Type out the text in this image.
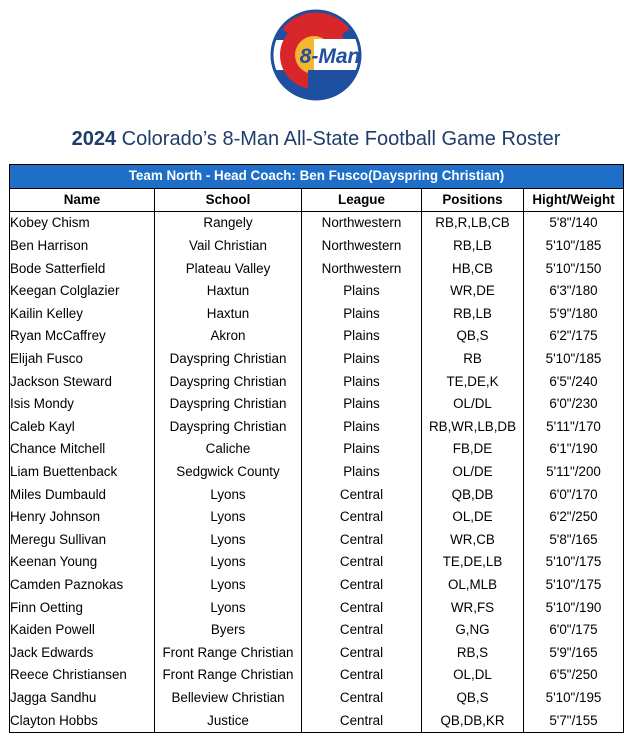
8-Man
2024 Colorado’s 8-Man All-State Football Game Roster
Team North - Head Coach: Ben Fusco(Dayspring Christian)				
Name	School	League	Positions	Hight/Weight
Kobey Chism	Rangely	Northwestern	RB,R,LB,CB	5'8"/140
Ben Harrison	Vail Christian	Northwestern	RB,LB	5'10"/185
Bode Satterfield	Plateau Valley	Northwestern	HB,CB	5'10"/150
Keegan Colglazier	Haxtun	Plains	WR,DE	6'3"/180
Kailin Kelley	Haxtun	Plains	RB,LB	5'9"/180
Ryan McCaffrey	Akron	Plains	QB,S	6'2"/175
Elijah Fusco	Dayspring Christian	Plains	RB	5'10"/185
Jackson Steward	Dayspring Christian	Plains	TE,DE,K	6'5"/240
Isis Mondy	Dayspring Christian	Plains	OL/DL	6'0"/230
Caleb Kayl	Dayspring Christian	Plains	RB,WR,LB,DB	5'11"/170
Chance Mitchell	Caliche	Plains	FB,DE	6'1"/190
Liam Buettenback	Sedgwick County	Plains	OL/DE	5'11"/200
Miles Dumbauld	Lyons	Central	QB,DB	6'0"/170
Henry Johnson	Lyons	Central	OL,DE	6'2"/250
Meregu Sullivan	Lyons	Central	WR,CB	5'8"/165
Keenan Young	Lyons	Central	TE,DE,LB	5'10"/175
Camden Paznokas	Lyons	Central	OL,MLB	5'10"/175
Finn Oetting	Lyons	Central	WR,FS	5'10"/190
Kaiden Powell	Byers	Central	G,NG	6'0"/175
Jack Edwards	Front Range Christian	Central	RB,S	5'9"/165
Reece Christiansen	Front Range Christian	Central	OL,DL	6'5"/250
Jagga Sandhu	Belleview Christian	Central	QB,S	5'10"/195
Clayton Hobbs	Justice	Central	QB,DB,KR	5'7"/155
